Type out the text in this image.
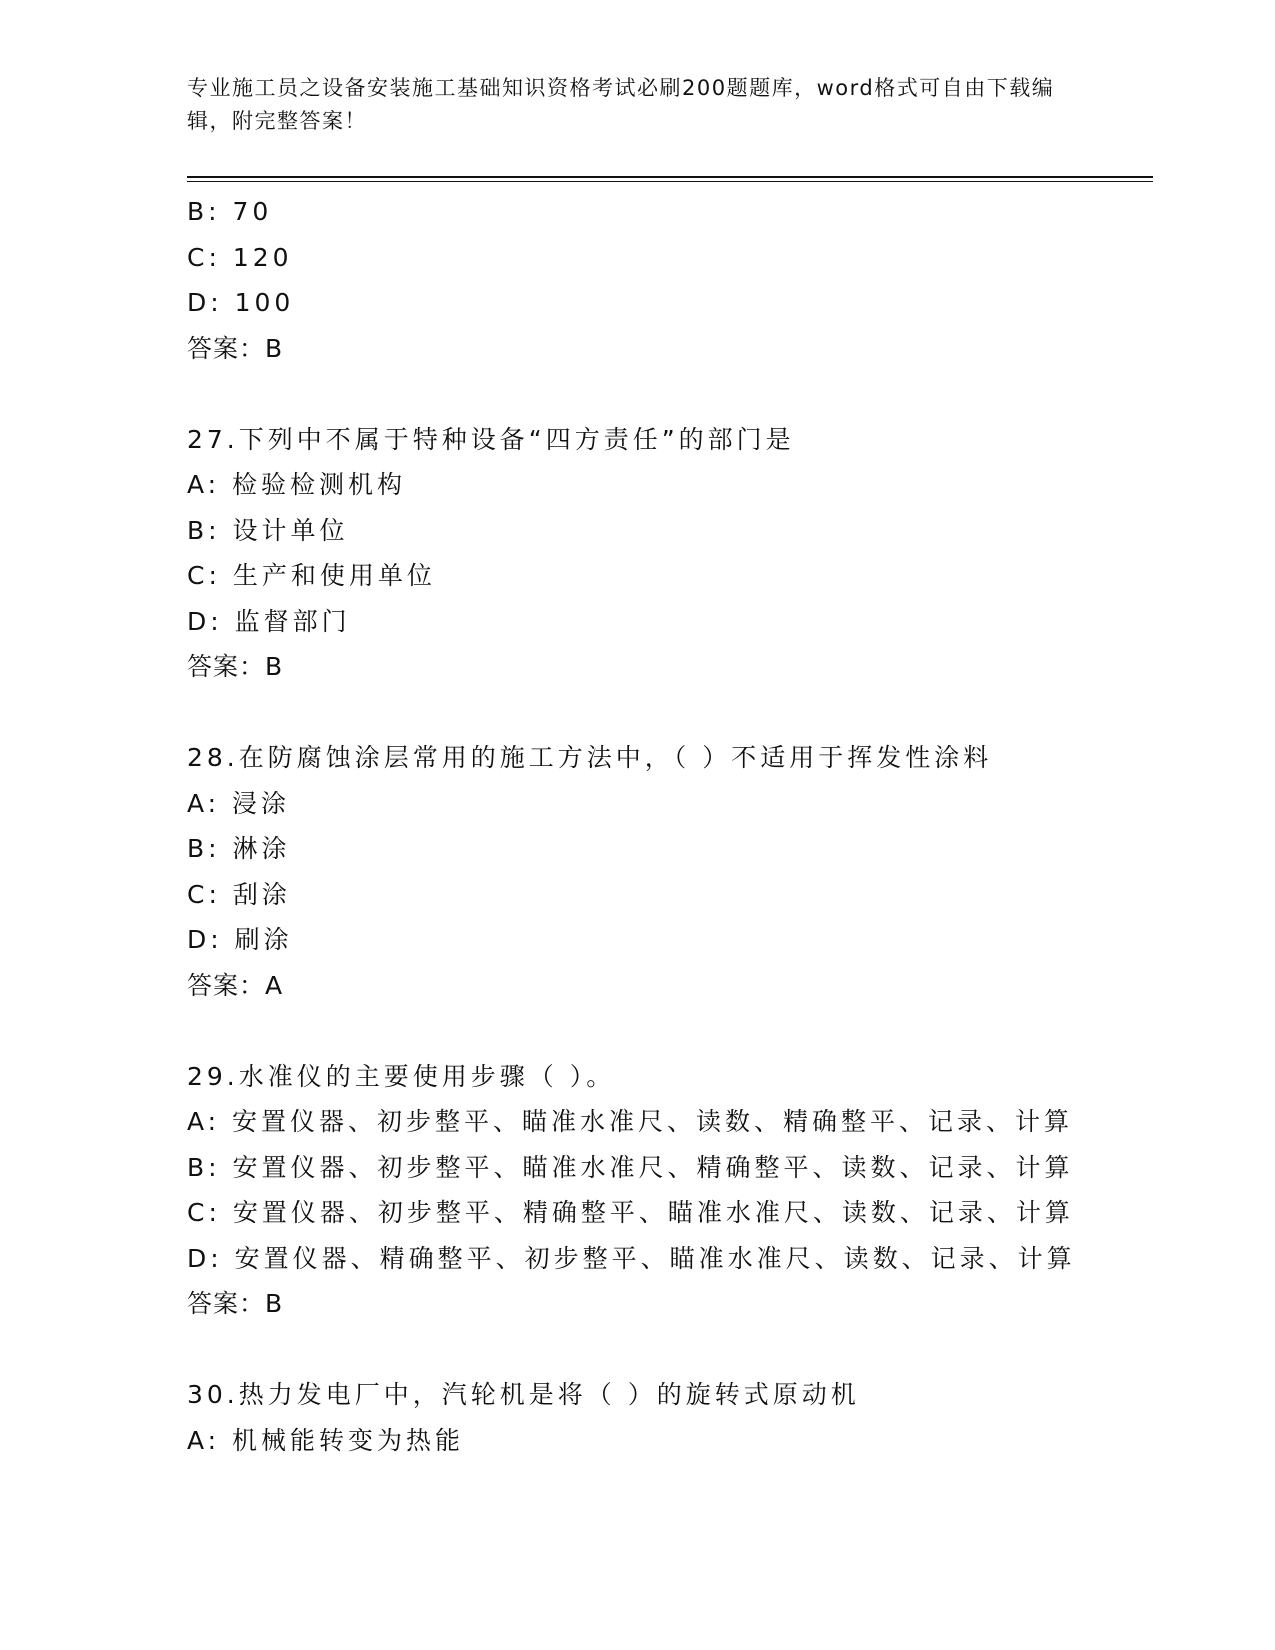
专业施工员之设备安装施工基础知识资格考试必刷200题题库，word格式可自由下载编辑，附完整答案！
B: 70
C: 120
D: 100
答案：B
27.下列中不属于特种设备“四方责任”的部门是
A: 检验检测机构
B: 设计单位
C: 生产和使用单位
D: 监督部门
答案：B
28.在防腐蚀涂层常用的施工方法中，（ ）不适用于挥发性涂料
A: 浸涂
B: 淋涂
C: 刮涂
D: 刷涂
答案：A
29.水准仪的主要使用步骤（ ）。
A: 安置仪器、初步整平、瞄准水准尺、读数、精确整平、记录、计算
B: 安置仪器、初步整平、瞄准水准尺、精确整平、读数、记录、计算
C: 安置仪器、初步整平、精确整平、瞄准水准尺、读数、记录、计算
D: 安置仪器、精确整平、初步整平、瞄准水准尺、读数、记录、计算
答案：B
30.热力发电厂中，汽轮机是将（ ）的旋转式原动机
A: 机械能转变为热能
